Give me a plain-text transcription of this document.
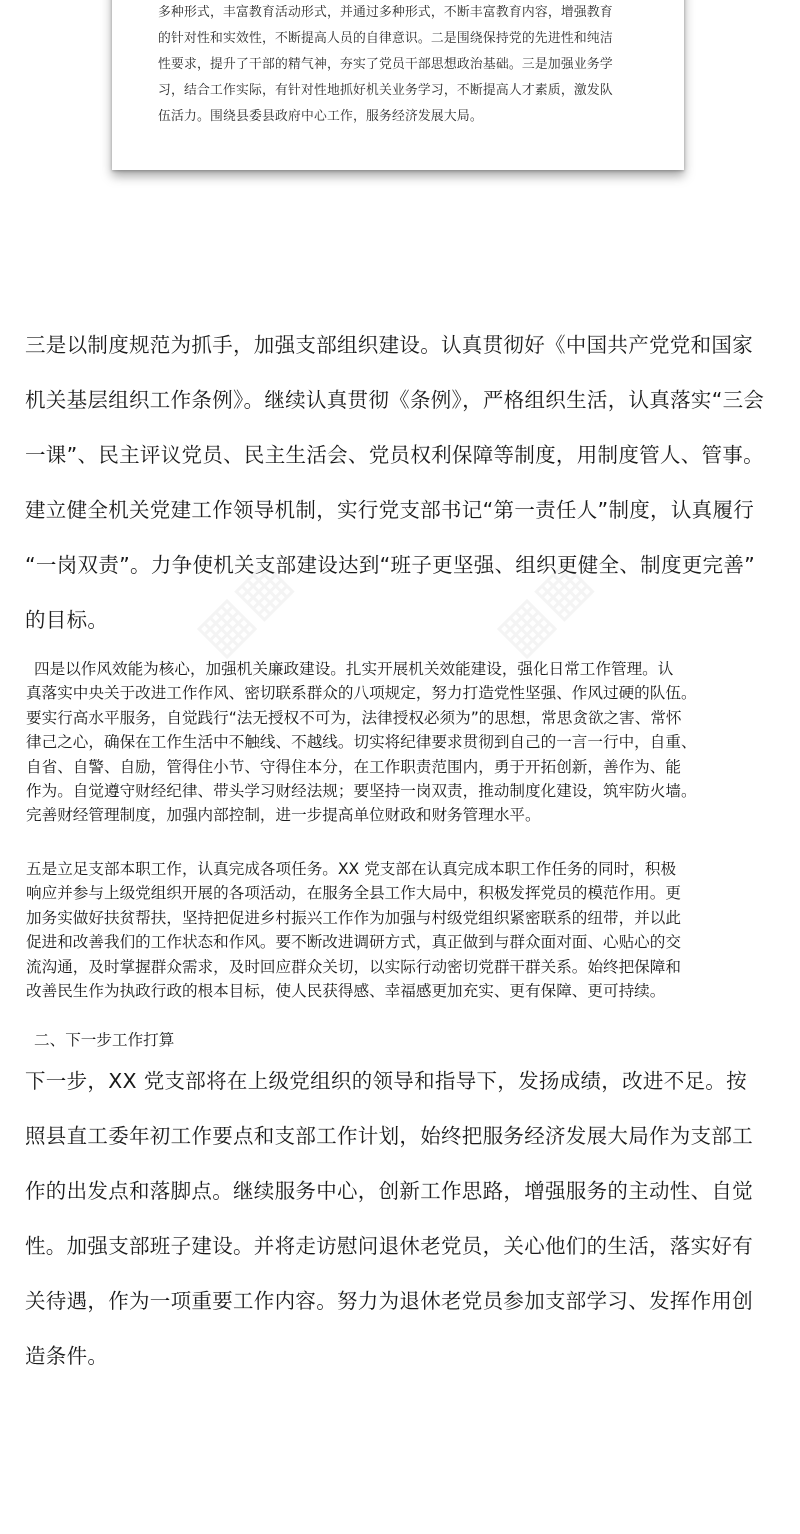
多种形式，丰富教育活动形式，并通过多种形式，不断丰富教育内容，增强教育
的针对性和实效性，不断提高人员的自律意识。二是围绕保持党的先进性和纯洁
性要求，提升了干部的精气神，夯实了党员干部思想政治基础。三是加强业务学
习，结合工作实际，有针对性地抓好机关业务学习，不断提高人才素质，激发队
伍活力。围绕县委县政府中心工作，服务经济发展大局。
三是以制度规范为抓手，加强支部组织建设。认真贯彻好《中国共产党党和国家
机关基层组织工作条例》。继续认真贯彻《条例》，严格组织生活，认真落实“三会
一课”、民主评议党员、民主生活会、党员权利保障等制度，用制度管人、管事。
建立健全机关党建工作领导机制，实行党支部书记“第一责任人”制度，认真履行
“一岗双责”。力争使机关支部建设达到“班子更坚强、组织更健全、制度更完善”
的目标。
四是以作风效能为核心，加强机关廉政建设。扎实开展机关效能建设，强化日常工作管理。认
真落实中央关于改进工作作风、密切联系群众的八项规定，努力打造党性坚强、作风过硬的队伍。
要实行高水平服务，自觉践行“法无授权不可为，法律授权必须为”的思想，常思贪欲之害、常怀
律己之心，确保在工作生活中不触线、不越线。切实将纪律要求贯彻到自己的一言一行中，自重、
自省、自警、自励，管得住小节、守得住本分，在工作职责范围内，勇于开拓创新，善作为、能
作为。自觉遵守财经纪律、带头学习财经法规；要坚持一岗双责，推动制度化建设，筑牢防火墙。
完善财经管理制度，加强内部控制，进一步提高单位财政和财务管理水平。
五是立足支部本职工作，认真完成各项任务。XX 党支部在认真完成本职工作任务的同时，积极
响应并参与上级党组织开展的各项活动，在服务全县工作大局中，积极发挥党员的模范作用。更
加务实做好扶贫帮扶，坚持把促进乡村振兴工作作为加强与村级党组织紧密联系的纽带，并以此
促进和改善我们的工作状态和作风。要不断改进调研方式，真正做到与群众面对面、心贴心的交
流沟通，及时掌握群众需求，及时回应群众关切，以实际行动密切党群干群关系。始终把保障和
改善民生作为执政行政的根本目标，使人民获得感、幸福感更加充实、更有保障、更可持续。
二、下一步工作打算
下一步，XX 党支部将在上级党组织的领导和指导下，发扬成绩，改进不足。按
照县直工委年初工作要点和支部工作计划，始终把服务经济发展大局作为支部工
作的出发点和落脚点。继续服务中心，创新工作思路，增强服务的主动性、自觉
性。加强支部班子建设。并将走访慰问退休老党员，关心他们的生活，落实好有
关待遇，作为一项重要工作内容。努力为退休老党员参加支部学习、发挥作用创
造条件。
